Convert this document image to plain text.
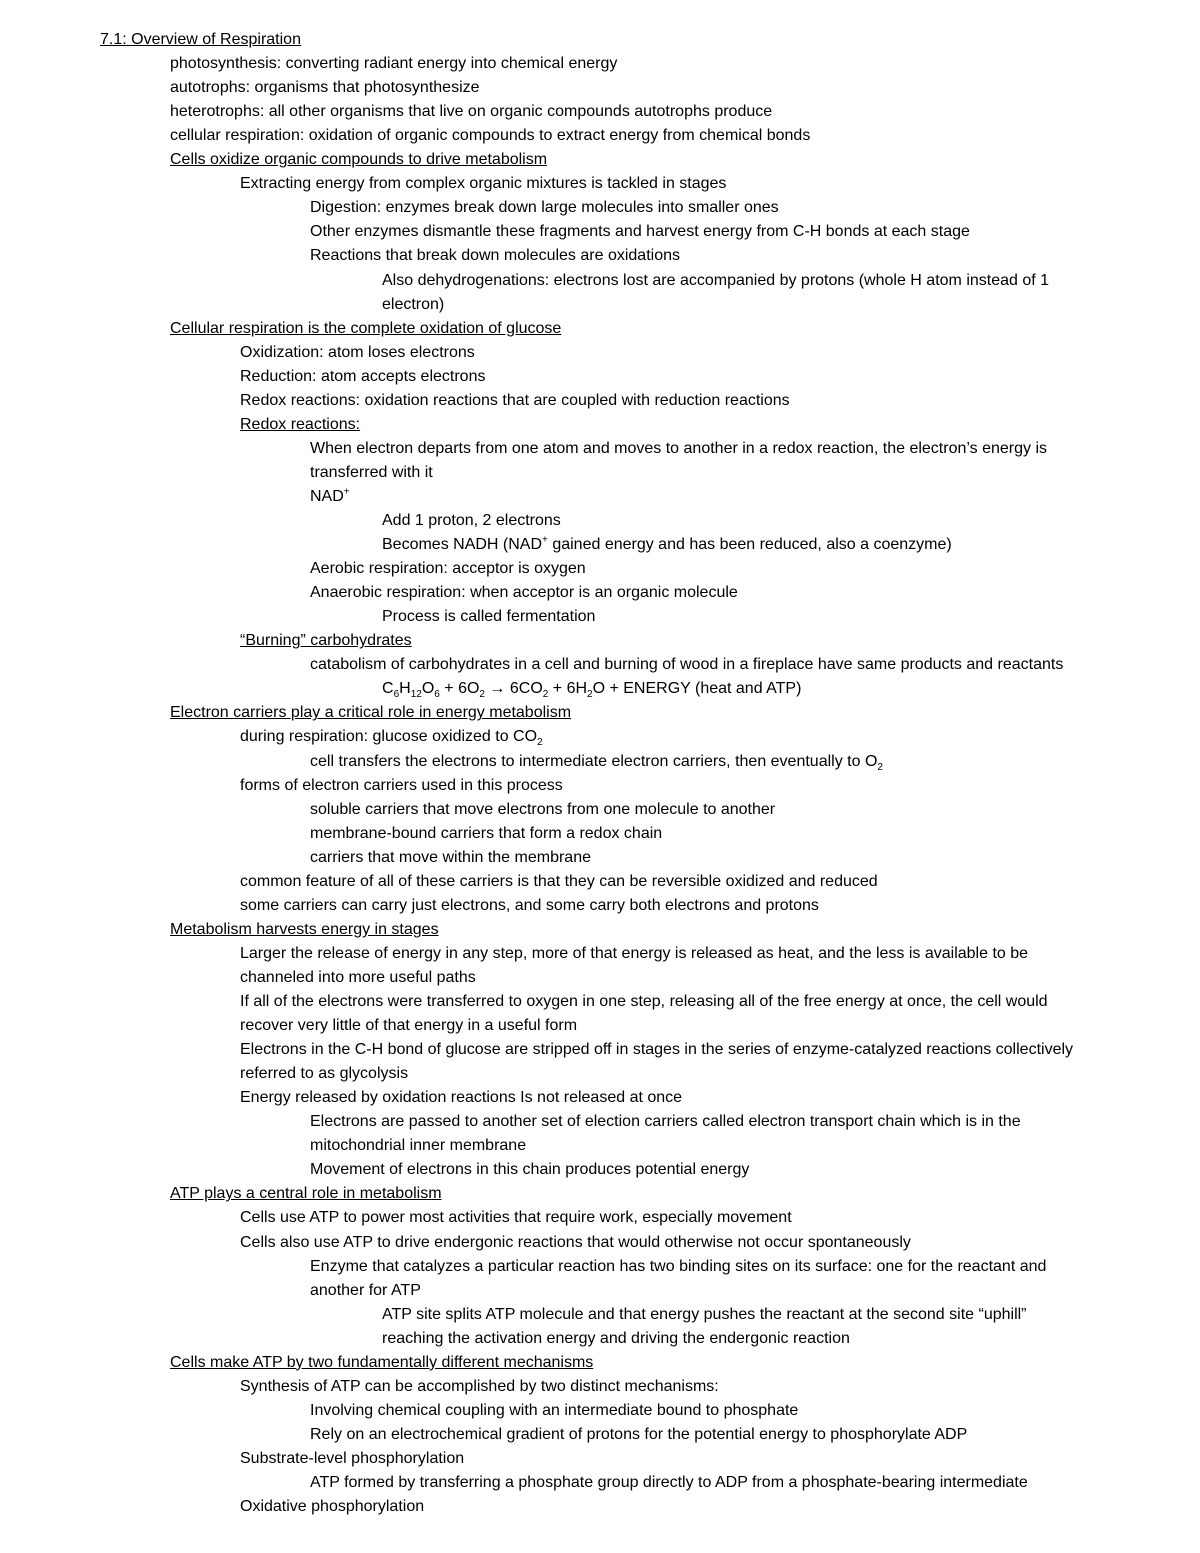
7.1: Overview of Respiration
photosynthesis: converting radiant energy into chemical energy
autotrophs: organisms that photosynthesize
heterotrophs: all other organisms that live on organic compounds autotrophs produce
cellular respiration: oxidation of organic compounds to extract energy from chemical bonds
Cells oxidize organic compounds to drive metabolism
Extracting energy from complex organic mixtures is tackled in stages
Digestion: enzymes break down large molecules into smaller ones
Other enzymes dismantle these fragments and harvest energy from C-H bonds at each stage
Reactions that break down molecules are oxidations
Also dehydrogenations: electrons lost are accompanied by protons (whole H atom instead of 1
electron)
Cellular respiration is the complete oxidation of glucose
Oxidization: atom loses electrons
Reduction: atom accepts electrons
Redox reactions: oxidation reactions that are coupled with reduction reactions
Redox reactions:
When electron departs from one atom and moves to another in a redox reaction, the electron’s energy is
transferred with it
NAD+
Add 1 proton, 2 electrons
Becomes NADH (NAD+ gained energy and has been reduced, also a coenzyme)
Aerobic respiration: acceptor is oxygen
Anaerobic respiration: when acceptor is an organic molecule
Process is called fermentation
“Burning” carbohydrates
catabolism of carbohydrates in a cell and burning of wood in a fireplace have same products and reactants
$C_6H_{12}O_6 + 6O_2 \to 6CO_2 + 6H_2O$ + ENERGY (heat and ATP)
Electron carriers play a critical role in energy metabolism
during respiration: glucose oxidized to $CO_2$
cell transfers the electrons to intermediate electron carriers, then eventually to $O_2$
forms of electron carriers used in this process
soluble carriers that move electrons from one molecule to another
membrane-bound carriers that form a redox chain
carriers that move within the membrane
common feature of all of these carriers is that they can be reversible oxidized and reduced
some carriers can carry just electrons, and some carry both electrons and protons
Metabolism harvests energy in stages
Larger the release of energy in any step, more of that energy is released as heat, and the less is available to be
channeled into more useful paths
If all of the electrons were transferred to oxygen in one step, releasing all of the free energy at once, the cell would
recover very little of that energy in a useful form
Electrons in the C-H bond of glucose are stripped off in stages in the series of enzyme-catalyzed reactions collectively
referred to as glycolysis
Energy released by oxidation reactions Is not released at once
Electrons are passed to another set of election carriers called electron transport chain which is in the
mitochondrial inner membrane
Movement of electrons in this chain produces potential energy
ATP plays a central role in metabolism
Cells use ATP to power most activities that require work, especially movement
Cells also use ATP to drive endergonic reactions that would otherwise not occur spontaneously
Enzyme that catalyzes a particular reaction has two binding sites on its surface: one for the reactant and
another for ATP
ATP site splits ATP molecule and that energy pushes the reactant at the second site “uphill”
reaching the activation energy and driving the endergonic reaction
Cells make ATP by two fundamentally different mechanisms
Synthesis of ATP can be accomplished by two distinct mechanisms:
Involving chemical coupling with an intermediate bound to phosphate
Rely on an electrochemical gradient of protons for the potential energy to phosphorylate ADP
Substrate-level phosphorylation
ATP formed by transferring a phosphate group directly to ADP from a phosphate-bearing intermediate
Oxidative phosphorylation
